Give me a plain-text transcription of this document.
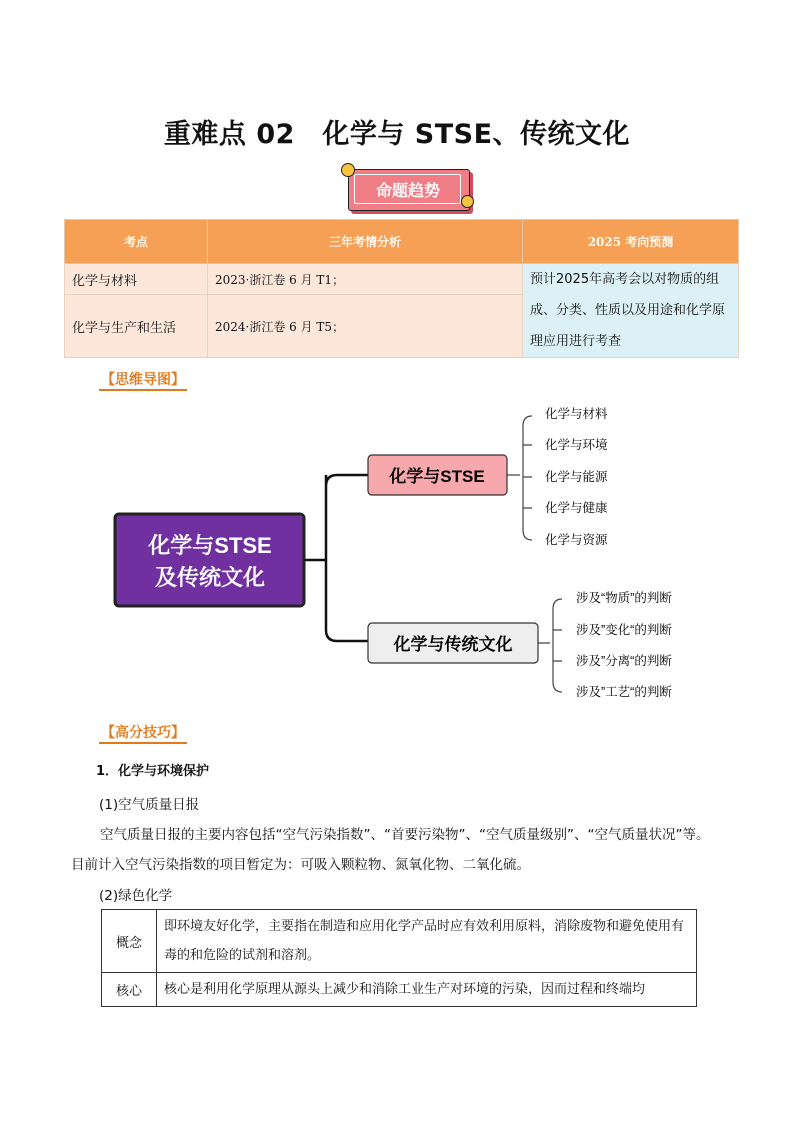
重难点 02　化学与 STSE、传统文化
命题趋势
考点	三年考情分析	2025 考向预测
化学与材料	2023·浙江卷 6 月 T1；	预计2025年高考会以对物质的组成、分类、性质以及用途和化学原理应用进行考查
化学与生产和生活	2024·浙江卷 6 月 T5；	
【思维导图】
化学与STSE
及传统文化
化学与STSE
化学与传统文化
化学与材料
化学与环境
化学与能源
化学与健康
化学与资源
涉及“物质”的判断
涉及”变化“的判断
涉及”分离“的判断
涉及”工艺“的判断
【高分技巧】
1．化学与环境保护
(1)空气质量日报
空气质量日报的主要内容包括“空气污染指数”、“首要污染物”、“空气质量级别”、“空气质量状况”等。
目前计入空气污染指数的项目暂定为：可吸入颗粒物、氮氧化物、二氧化硫。
(2)绿色化学
概念	即环境友好化学，主要指在制造和应用化学产品时应有效利用原料，消除废物和避免使用有毒的和危险的试剂和溶剂。
核心	核心是利用化学原理从源头上减少和消除工业生产对环境的污染，因而过程和终端均
